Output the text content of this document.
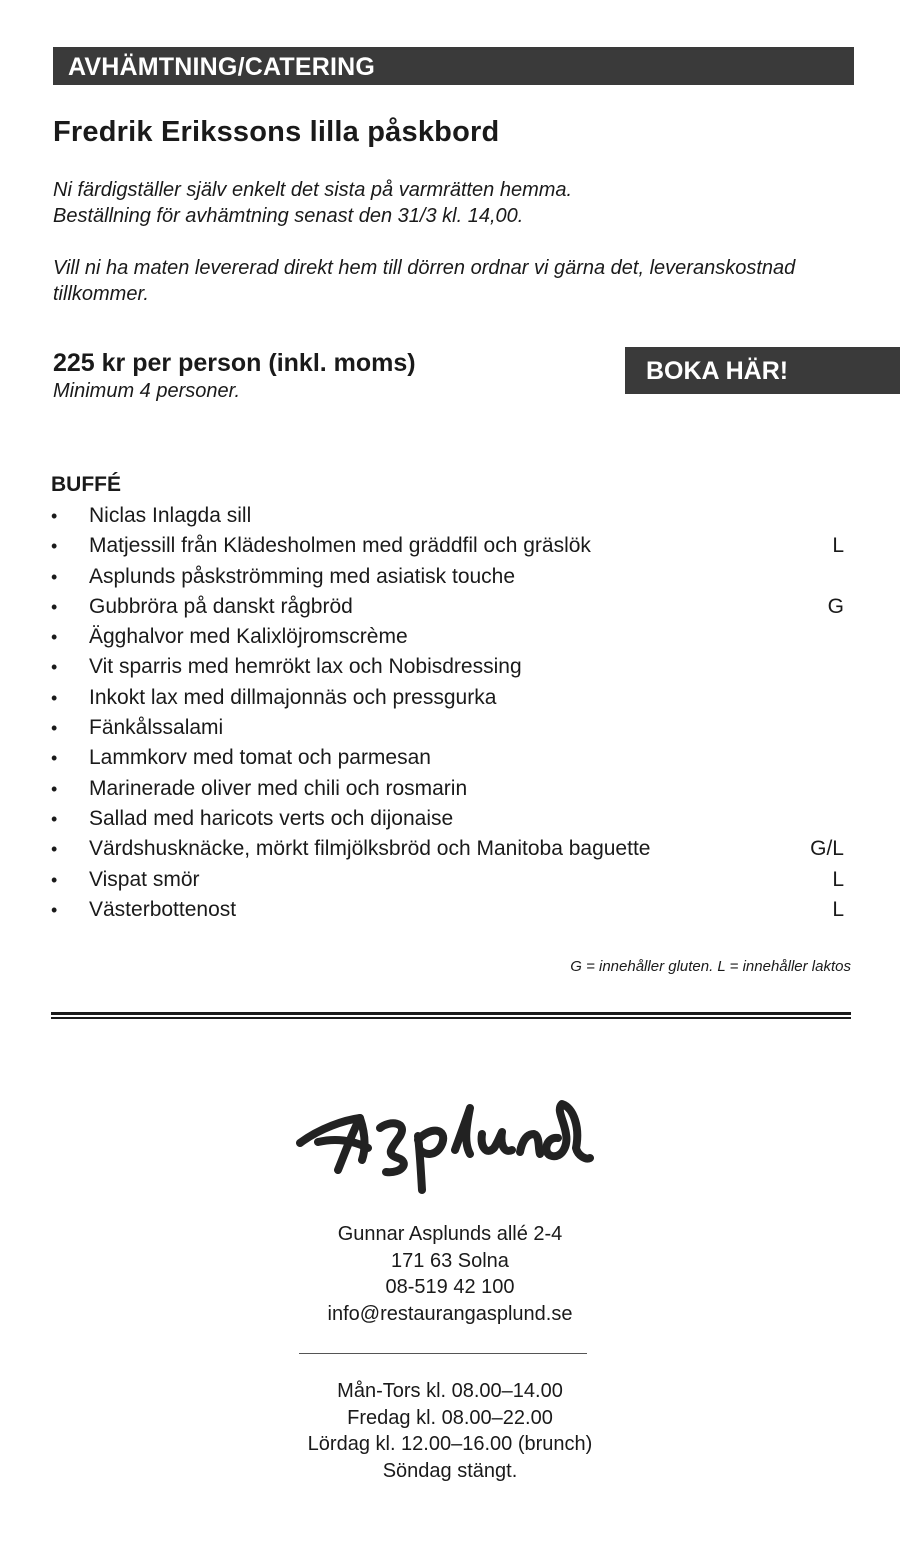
AVHÄMTNING/CATERING
Fredrik Erikssons lilla påskbord

Ni färdigställer själv enkelt det sista på varmrätten hemma.

Beställning för avhämtning senast den 31/3 kl. 14,00.

Vill ni ha maten levererad direkt hem till dörren ordnar vi gärna det, leveranskostnad tillkommer.

225 kr per person (inkl. moms)
Minimum 4 personer.
BOKA HÄR!
BUFFÉ
• Niclas Inlagda sill
• Matjessill från Klädesholmen med gräddfil och gräslök	L
• Asplunds påskströmming med asiatisk touche
• Gubbröra på danskt rågbröd	G
• Ägghalvor med Kalixlöjromscrème
• Vit sparris med hemrökt lax och Nobisdressing
• Inkokt lax med dillmajonnäs och pressgurka
• Fänkålssalami
• Lammkorv med tomat och parmesan
• Marinerade oliver med chili och rosmarin
• Sallad med haricots verts och dijonaise
• Värdshusknäcke, mörkt filmjölksbröd och Manitoba baguette	G/L
• Vispat smör	L
• Västerbottenost	L
G = innehåller gluten. L = innehåller laktos
Gunnar Asplunds allé 2-4
171 63 Solna
08-519 42 100
info@restaurangasplund.se
Mån-Tors kl. 08.00–14.00
Fredag kl. 08.00–22.00
Lördag kl. 12.00–16.00 (brunch)
Söndag stängt.
